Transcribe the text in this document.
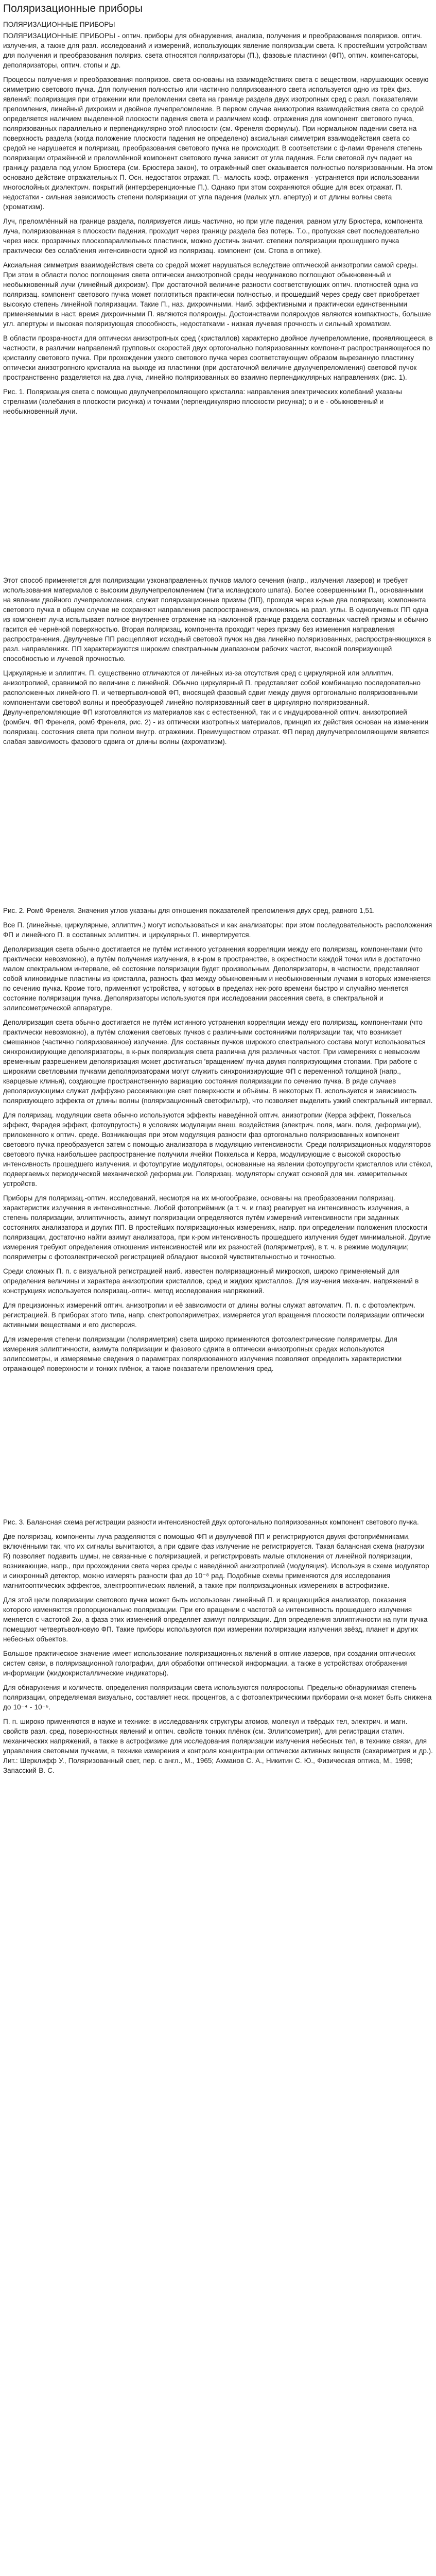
Поляризационные приборы
ПОЛЯРИЗАЦИОННЫЕ ПРИБОРЫ

ПОЛЯРИЗАЦИОННЫЕ ПРИБОРЫ - оптич. приборы для обнаружения, анализа, получения и преобразования поляризов. оптич. излучения, а также для разл. исследований и измерений, использующих явление поляризации света. К простейшим устройствам для получения и преобразования поляриз. света относятся поляризаторы (П.), фазовые пластинки (ФП), оптич. компенсаторы, деполяризаторы, оптич. стопы и др.

Процессы получения и преобразования поляризов. света основаны на взаимодействиях света с веществом, нарушающих осевую симметрию светового пучка. Для получения полностью или частично поляризованного света используется одно из трёх физ. явлений: поляризация при отражении или преломлении света на границе раздела двух изотропных сред с разл. показателями преломления, линейный дихроизм и двойное лучепреломление. В первом случае анизотропия взаимодействия света со средой определяется наличием выделенной плоскости падения света и различием коэф. отражения для компонент светового пучка, поляризованных параллельно и перпендикулярно этой плоскости (см. Френеля формулы). При нормальном падении света на поверхность раздела (когда положение плоскости падения не определено) аксиальная симметрия взаимодействия света со средой не нарушается и поляризац. преобразования светового пучка не происходит. В соответствии с ф-лами Френеля степень поляризации отражённой и преломлённой компонент светового пучка зависит от угла падения. Если световой луч падает на границу раздела под углом Брюстера (см. Брюстера закон), то отражённый свет оказывается полностью поляризованным. На этом основано действие отражательных П. Осн. недостаток отражат. П.- малость коэф. отражения - устраняется при использовании многослойных диэлектрич. покрытий (интерференционные П.). Однако при этом сохраняются общие для всех отражат. П. недостатки - сильная зависимость степени поляризации от угла падения (малых угл. апертур) и от длины волны света (хроматизм).

Луч, преломлённый на границе раздела, поляризуется лишь частично, но при угле падения, равном углу Брюстера, компонента луча, поляризованная в плоскости падения, проходит через границу раздела без потерь. Т.о., пропуская свет последовательно через неск. прозрачных плоскопараллельных пластинок, можно достичь значит. степени поляризации прошедшего пучка практически без ослабления интенсивности одной из поляризац. компонент (см. Стопа в оптике).

Аксиальная симметрия взаимодействия света со средой может нарушаться вследствие оптической анизотропии самой среды. При этом в области полос поглощения света оптически анизотропной среды неодинаково поглощают обыкновенный и необыкновенный лучи (линейный дихроизм). При достаточной величине разности соответствующих оптич. плотностей одна из поляризац. компонент светового пучка может поглотиться практически полностью, и прошедший через среду свет приобретает высокую степень линейной поляризации. Такие П., наз. дихроичными. Наиб. эффективными и практически единственными применяемыми в наст. время дихроичными П. являются поляроиды. Достоинствами поляроидов являются компактность, большие угл. апертуры и высокая поляризующая способность, недостатками - низкая лучевая прочность и сильный хроматизм.

В области прозрачности для оптически анизотропных сред (кристаллов) характерно двойное лучепреломление, проявляющееся, в частности, в различии направлений групповых скоростей двух ортогонально поляризованных компонент распространяющегося по кристаллу светового пучка. При прохождении узкого светового пучка через соответствующим образом вырезанную пластинку оптически анизотропного кристалла на выходе из пластинки (при достаточной величине двулучепреломления) световой пучок пространственно разделяется на два луча, линейно поляризованных во взаимно перпендикулярных направлениях (рис. 1).

Рис. 1. Поляризация света с помощью двулучепреломляющего кристалла: направления электрических колебаний указаны стрелками (колебания в плоскости рисунка) и точками (перпендикулярно плоскости рисунка); o и e - обыкновенный и необыкновенный лучи.

Этот способ применяется для поляризации узконаправленных пучков малого сечения (напр., излучения лазеров) и требует использования материалов с высоким двулучепреломлением (типа исландского шпата). Более совершенными П., основанными на явлении двойного лучепреломления, служат поляризационные призмы (ПП), проходя через к-рые два поляризац. компонента светового пучка в общем случае не сохраняют направления распространения, отклоняясь на разл. углы. В однолучевых ПП одна из компонент луча испытывает полное внутреннее отражение на наклонной границе раздела составных частей призмы и обычно гасится её чернёной поверхностью. Вторая поляризац. компонента проходит через призму без изменения направления распространения. Двулучевые ПП расщепляют исходный световой пучок на два линейно поляризованных, распространяющихся в разл. направлениях. ПП характеризуются широким спектральным диапазоном рабочих частот, высокой поляризующей способностью и лучевой прочностью.

Циркулярные и эллиптич. П. существенно отличаются от линейных из-за отсутствия сред с циркулярной или эллиптич. анизотропией, сравнимой по величине с линейной. Обычно циркулярный П. представляет собой комбинацию последовательно расположенных линейного П. и четвертьволновой ФП, вносящей фазовый сдвиг между двумя ортогонально поляризованными компонентами световой волны и преобразующей линейно поляризованный свет в циркулярно поляризованный. Двулучепреломляющие ФП изготовляются из материалов как с естественной, так и с индуцированной оптич. анизотропией (ромбич. ФП Френеля, ромб Френеля, рис. 2) - из оптически изотропных материалов, принцип их действия основан на изменении поляризац. состояния света при полном внутр. отражении. Преимуществом отражат. ФП перед двулучепреломляющими является слабая зависимость фазового сдвига от длины волны (ахроматизм).

Рис. 2. Ромб Френеля. Значения углов указаны для отношения показателей преломления двух сред, равного 1,51.

Все П. (линейные, циркулярные, эллиптич.) могут использоваться и как анализаторы: при этом последовательность расположения ФП и линейного П. в составных эллиптич. и циркулярных П. инвертируется.

Деполяризация света обычно достигается не путём истинного устранения корреляции между его поляризац. компонентами (что практически невозможно), а путём получения излучения, в к-ром в пространстве, в окрестности каждой точки или в достаточно малом спектральном интервале, её состояние поляризации будет произвольным. Деполяризаторы, в частности, представляют собой клиновидные пластины из кристалла, разность фаз между обыкновенным и необыкновенным лучами в которых изменяется по сечению пучка. Кроме того, применяют устройства, у которых в пределах нек-рого времени быстро и случайно меняется состояние поляризации пучка. Деполяризаторы используются при исследовании рассеяния света, в спектральной и эллипсометрической аппаратуре.

Деполяризация света обычно достигается не путём истинного устранения корреляции между его поляризац. компонентами (что практически невозможно), а путём сложения световых пучков с различными состояниями поляризации так, что возникает смешанное (частично поляризованное) излучение. Для составных пучков широкого спектрального состава могут использоваться синхронизирующие деполяризаторы, в к-рых поляризация света различна для различных частот. При измерениях с невысоким временным разрешением деполяризация может достигаться 'вращением' пучка двумя поляризующими стопами. При работе с широкими светловыми пучками деполяризаторами могут служить синхронизирующие ФП с переменной толщиной (напр., кварцевые клинья), создающие пространственную вариацию состояния поляризации по сечению пучка. В ряде случаев деполяризующими служат диффузно рассеивающие свет поверхности и объёмы. В некоторых П. используется и зависимость поляризующего эффекта от длины волны (поляризационный светофильтр), что позволяет выделить узкий спектральный интервал.

Для поляризац. модуляции света обычно используются эффекты наведённой оптич. анизотропии (Керра эффект, Поккельса эффект, Фарадея эффект, фотоупругость) в условиях модуляции внеш. воздействия (электрич. поля, магн. поля, деформации), приложенного к оптич. среде. Возникающая при этом модуляция разности фаз ортогонально поляризованных компонент светового пучка преобразуется затем с помощью анализатора в модуляцию интенсивности. Среди поляризационных модуляторов светового пучка наибольшее распространение получили ячейки Поккельса и Керра, модулирующие с высокой скоростью интенсивность прошедшего излучения, и фотоупругие модуляторы, основанные на явлении фотоупругости кристаллов или стёкол, подвергаемых периодической механической деформации. Поляризац. модуляторы служат основой для мн. измерительных устройств.

Приборы для поляризац.-оптич. исследований, несмотря на их многообразие, основаны на преобразовании поляризац. характеристик излучения в интенсивностные. Любой фотоприёмник (а т. ч. и глаз) реагирует на интенсивность излучения, а степень поляризации, эллиптичность, азимут поляризации определяются путём измерений интенсивности при заданных состояниях анализатора и других ПП. В простейших поляризационных измерениях, напр. при определении положения плоскости поляризации, достаточно найти азимут анализатора, при к-ром интенсивность прошедшего излучения будет минимальной. Другие измерения требуют определения отношения интенсивностей или их разностей (поляриметрия), в т. ч. в режиме модуляции; поляриметры с фотоэлектрической регистрацией обладают высокой чувствительностью и точностью.

Среди сложных П. п. с визуальной регистрацией наиб. известен поляризационный микроскоп, широко применяемый для определения величины и характера анизотропии кристаллов, сред и жидких кристаллов. Для изучения механич. напряжений в конструкциях используется поляризац.-оптич. метод исследования напряжений.

Для прецизионных измерений оптич. анизотропии и её зависимости от длины волны служат автоматич. П. п. с фотоэлектрич. регистрацией. В приборах этого типа, напр. спектрополяриметрах, измеряется угол вращения плоскости поляризации оптически активными веществами и его дисперсия.

Для измерения степени поляризации (поляриметрия) света широко применяются фотоэлектрические поляриметры. Для измерения эллиптичности, азимута поляризации и фазового сдвига в оптически анизотропных средах используются эллипсометры, и измеряемые сведения о параметрах поляризованного излучения позволяют определить характеристики отражающей поверхности и тонких плёнок, а также показатели преломления сред.

Рис. 3. Балансная схема регистрации разности интенсивностей двух ортогонально поляризованных компонент светового пучка.

Две поляризац. компоненты луча разделяются с помощью ФП и двулучевой ПП и регистрируются двумя фотоприёмниками, включёнными так, что их сигналы вычитаются, а при сдвиге фаз излучение не регистрируется. Такая балансная схема (нагрузки R) позволяет подавить шумы, не связанные с поляризацией, и регистрировать малые отклонения от линейной поляризации, возникающие, напр., при прохождении света через среды с наведённой анизотропией (модуляция). Используя в схеме модулятор и синхронный детектор, можно измерять разности фаз до 10⁻⁸ рад. Подобные схемы применяются для исследования магнитооптических эффектов, электрооптических явлений, а также при поляризационных измерениях в астрофизике.

Для этой цели поляризации светового пучка может быть использован линейный П. и вращающийся анализатор, показания которого изменяются пропорционально поляризации. При его вращении с частотой ω интенсивность прошедшего излучения меняется с частотой 2ω, а фаза этих изменений определяет азимут поляризации. Для определения эллиптичности на пути пучка помещают четвертьволновую ФП. Такие приборы используются при измерении поляризации излучения звёзд, планет и других небесных объектов.

Большое практическое значение имеет использование поляризационных явлений в оптике лазеров, при создании оптических систем связи, в поляризационной голографии, для обработки оптической информации, а также в устройствах отображения информации (жидкокристаллические индикаторы).

Для обнаружения и количеств. определения поляризации света используются поляроскопы. Предельно обнаружимая степень поляризации, определяемая визуально, составляет неск. процентов, а с фотоэлектрическими приборами она может быть снижена до 10⁻⁴ - 10⁻⁶.

П. п. широко применяются в науке и технике: в исследованиях структуры атомов, молекул и твёрдых тел, электрич. и магн. свойств разл. сред, поверхностных явлений и оптич. свойств тонких плёнок (см. Эллипсометрия), для регистрации статич. механических напряжений, а также в астрофизике для исследования поляризации излучения небесных тел, в технике связи, для управления световыми пучками, в технике измерения и контроля концентрации оптически активных веществ (сахариметрия и др.). Лит.: Шерклифф У., Поляризованный свет, пер. с англ., М., 1965; Ахманов С. А., Никитин С. Ю., Физическая оптика, М., 1998; Запасский В. С.
